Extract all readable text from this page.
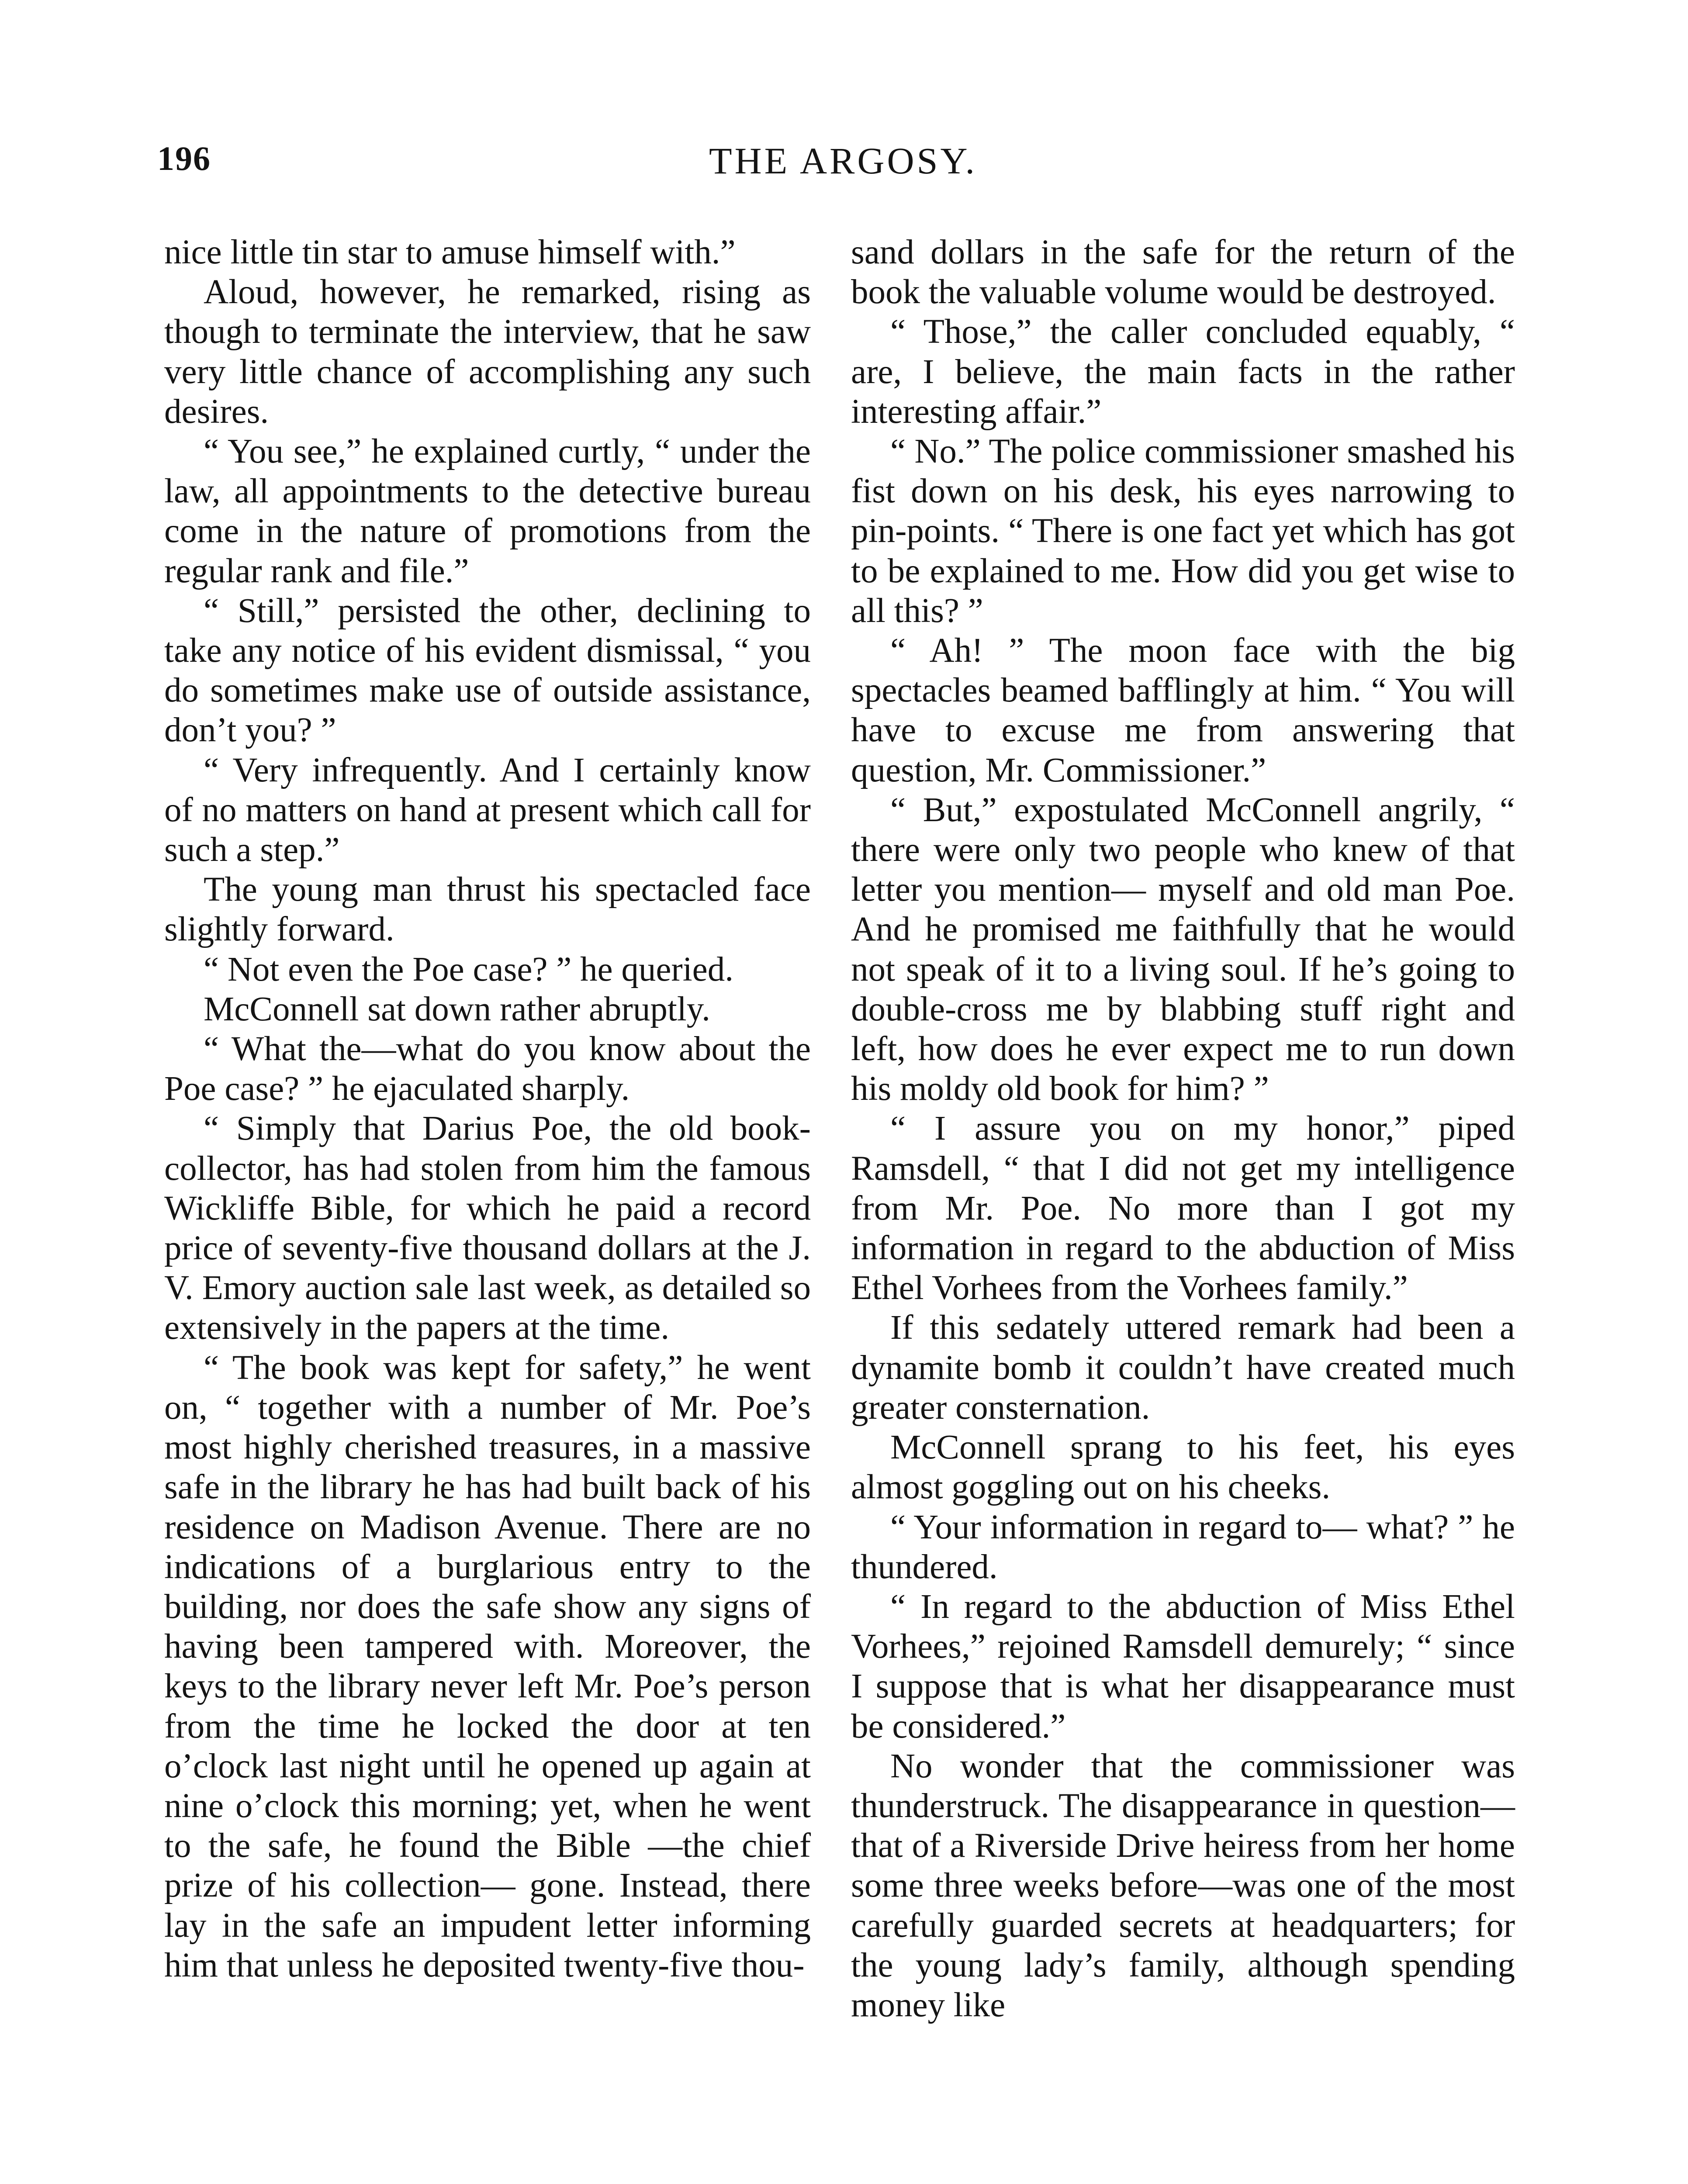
196	THE ARGOSY.

nice little tin star to amuse himself with.”

Aloud, however, he remarked, rising as though to terminate the interview, that he saw very little chance of accomplishing any such desires.

“ You see,” he explained curtly, “ under the law, all appointments to the detective bureau come in the nature of promotions from the regular rank and file.”

“ Still,” persisted the other, declining to take any notice of his evident dismissal, “ you do sometimes make use of outside assistance, don’t you? ”

“ Very infrequently. And I certainly know of no matters on hand at present which call for such a step.”

The young man thrust his spectacled face slightly forward.

“ Not even the Poe case? ” he queried.

McConnell sat down rather abruptly.

“ What the—what do you know about the Poe case? ” he ejaculated sharply.

“ Simply that Darius Poe, the old book-collector, has had stolen from him the famous Wickliffe Bible, for which he paid a record price of seventy-five thousand dollars at the J. V. Emory auction sale last week, as detailed so extensively in the papers at the time.

“ The book was kept for safety,” he went on, “ together with a number of Mr. Poe’s most highly cherished treasures, in a massive safe in the library he has had built back of his residence on Madison Avenue. There are no indications of a burglarious entry to the building, nor does the safe show any signs of having been tampered with. Moreover, the keys to the library never left Mr. Poe’s person from the time he locked the door at ten o’clock last night until he opened up again at nine o’clock this morning; yet, when he went to the safe, he found the Bible —the chief prize of his collection— gone. Instead, there lay in the safe an impudent letter informing him that unless he deposited twenty-five thou-

sand dollars in the safe for the return of the book the valuable volume would be destroyed.

“ Those,” the caller concluded equably, “ are, I believe, the main facts in the rather interesting affair.”

“ No.” The police commissioner smashed his fist down on his desk, his eyes narrowing to pin-points. “ There is one fact yet which has got to be explained to me. How did you get wise to all this? ”

“ Ah! ” The moon face with the big spectacles beamed bafflingly at him. “ You will have to excuse me from answering that question, Mr. Commissioner.”

“ But,” expostulated McConnell angrily, “ there were only two people who knew of that letter you mention— myself and old man Poe. And he promised me faithfully that he would not speak of it to a living soul. If he’s going to double-cross me by blabbing stuff right and left, how does he ever expect me to run down his moldy old book for him? ”

“ I assure you on my honor,” piped Ramsdell, “ that I did not get my intelligence from Mr. Poe. No more than I got my information in regard to the abduction of Miss Ethel Vorhees from the Vorhees family.”

If this sedately uttered remark had been a dynamite bomb it couldn’t have created much greater consternation.

McConnell sprang to his feet, his eyes almost goggling out on his cheeks.

“ Your information in regard to— what? ” he thundered.

“ In regard to the abduction of Miss Ethel Vorhees,” rejoined Ramsdell demurely; “ since I suppose that is what her disappearance must be considered.”

No wonder that the commissioner was thunderstruck. The disappearance in question—that of a Riverside Drive heiress from her home some three weeks before—was one of the most carefully guarded secrets at headquarters; for the young lady’s family, although spending money like
